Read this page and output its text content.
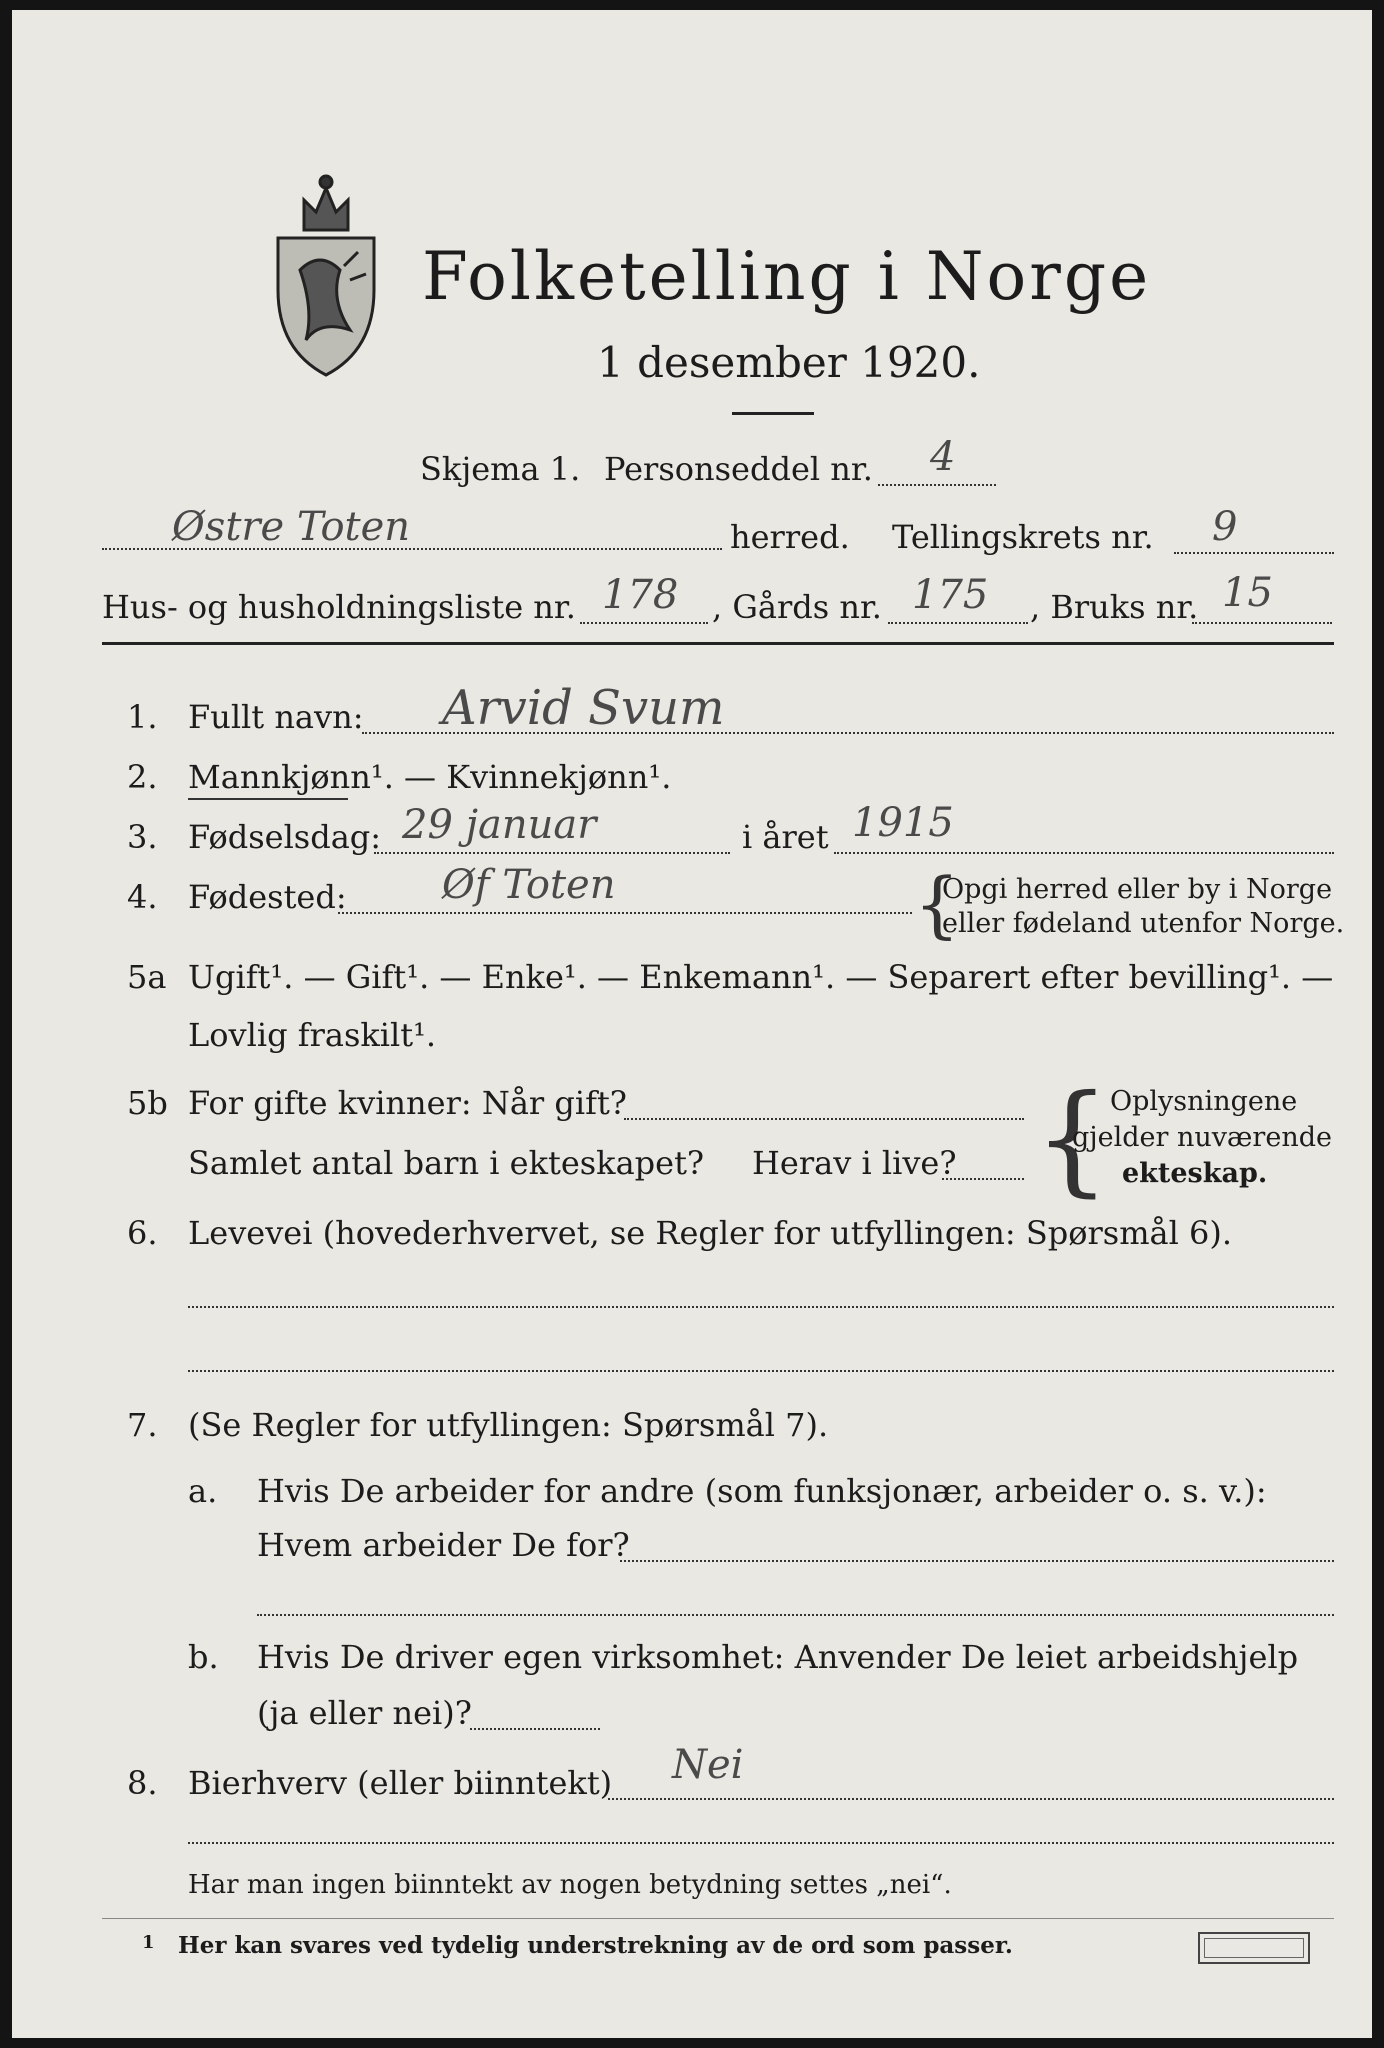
Folketelling i Norge
1 desember 1920.
Skjema 1. Personseddel nr. 4
Østre Toten	herred. Tellingskrets nr. 9
Hus- og husholdningsliste nr. 178 , Gårds nr. 175 , Bruks nr. 15
1. Fullt navn: Arvid Svum
2. Mannkjønn¹. — Kvinnekjønn¹.
3. Fødselsdag: 29 januar	i året 1915
4. Fødested: Øf Toten	{
Opgi herred eller by i Norge
eller fødeland utenfor Norge.
5a Ugift¹. — Gift¹. — Enke¹. — Enkemann¹. — Separert efter bevilling¹. —
Lovlig fraskilt¹.
5b For gifte kvinner: Når gift?
Samlet antal barn i ekteskapet? Herav i live? { Oplysningene
gjelder nuværende
ekteskap.
6. Levevei (hovederhvervet, se Regler for utfyllingen: Spørsmål 6).
7. (Se Regler for utfyllingen: Spørsmål 7).
a. Hvis De arbeider for andre (som funksjonær, arbeider o. s. v.):
Hvem arbeider De for?
b. Hvis De driver egen virksomhet: Anvender De leiet arbeidshjelp
(ja eller nei)?
8. Bierhverv (eller biinntekt) Nei
Har man ingen biinntekt av nogen betydning settes „nei“.
1 Her kan svares ved tydelig understrekning av de ord som passer.
